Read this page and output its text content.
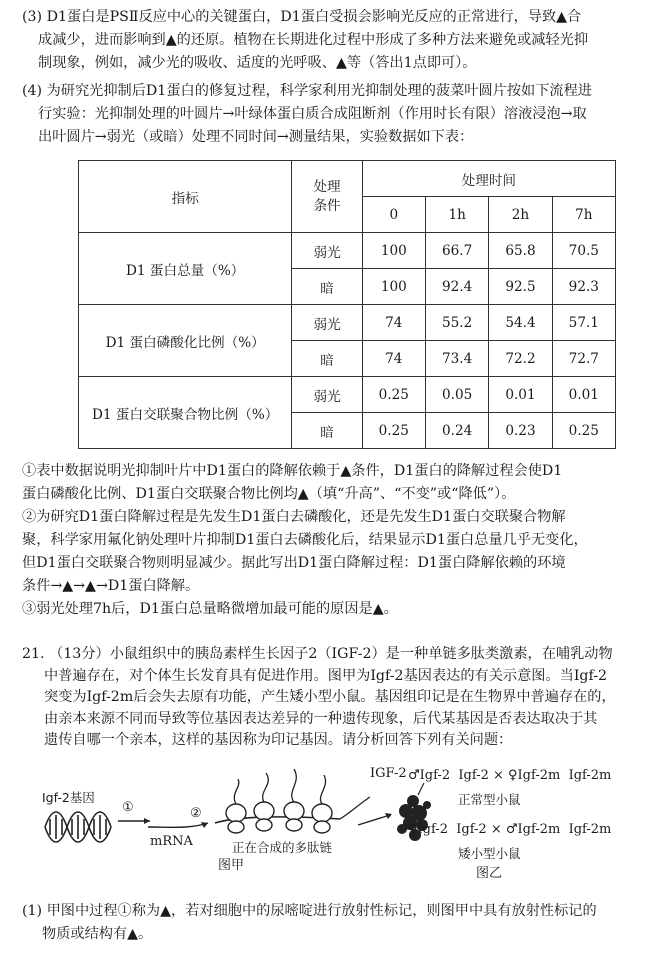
(3) D1蛋白是PSⅡ反应中心的关键蛋白，D1蛋白受损会影响光反应的正常进行，导致▲合
成减少，进而影响到▲的还原。植物在长期进化过程中形成了多种方法来避免或减轻光抑
制现象，例如，减少光的吸收、适度的光呼吸、▲等（答出1点即可）。
(4) 为研究光抑制后D1蛋白的修复过程，科学家利用光抑制处理的菠菜叶圆片按如下流程进
行实验：光抑制处理的叶圆片→叶绿体蛋白质合成阻断剂（作用时长有限）溶液浸泡→取
出叶圆片→弱光（或暗）处理不同时间→测量结果，实验数据如下表：
指标	处理条件	处理时间			
		0	1h	2h	7h
D1 蛋白总量（%）	弱光	100	66.7	65.8	70.5
	暗	100	92.4	92.5	92.3
D1 蛋白磷酸化比例（%）	弱光	74	55.2	54.4	57.1
	暗	74	73.4	72.2	72.7
D1 蛋白交联聚合物比例（%）	弱光	0.25	0.05	0.01	0.01
	暗	0.25	0.24	0.23	0.25
①表中数据说明光抑制叶片中D1蛋白的降解依赖于▲条件，D1蛋白的降解过程会使D1
蛋白磷酸化比例、D1蛋白交联聚合物比例均▲（填“升高”、“不变”或“降低”）。
②为研究D1蛋白降解过程是先发生D1蛋白去磷酸化，还是先发生D1蛋白交联聚合物解
聚，科学家用氟化钠处理叶片抑制D1蛋白去磷酸化后，结果显示D1蛋白总量几乎无变化，
但D1蛋白交联聚合物则明显减少。据此写出D1蛋白降解过程：D1蛋白降解依赖的环境
条件→▲→▲→D1蛋白降解。
③弱光处理7h后，D1蛋白总量略微增加最可能的原因是▲。
21. （13分）小鼠组织中的胰岛素样生长因子2（IGF-2）是一种单链多肽类激素，在哺乳动物
中普遍存在，对个体生长发育具有促进作用。图甲为Igf-2基因表达的有关示意图。当Igf-2
突变为Igf-2m后会失去原有功能，产生矮小型小鼠。基因组印记是在生物界中普遍存在的，
由亲本来源不同而导致等位基因表达差异的一种遗传现象，后代某基因是否表达取决于其
遗传自哪一个亲本，这样的基因称为印记基因。请分析回答下列有关问题：
Igf-2基因
①	②
mRNA
IGF-2
正在合成的多肽链
图甲
♂Igf-2  Igf-2 × ♀Igf-2m  Igf-2m
正常型小鼠
♀Igf-2  Igf-2 × ♂Igf-2m  Igf-2m
矮小型小鼠
图乙
(1) 甲图中过程①称为▲，若对细胞中的尿嘧啶进行放射性标记，则图甲中具有放射性标记的
物质或结构有▲。
